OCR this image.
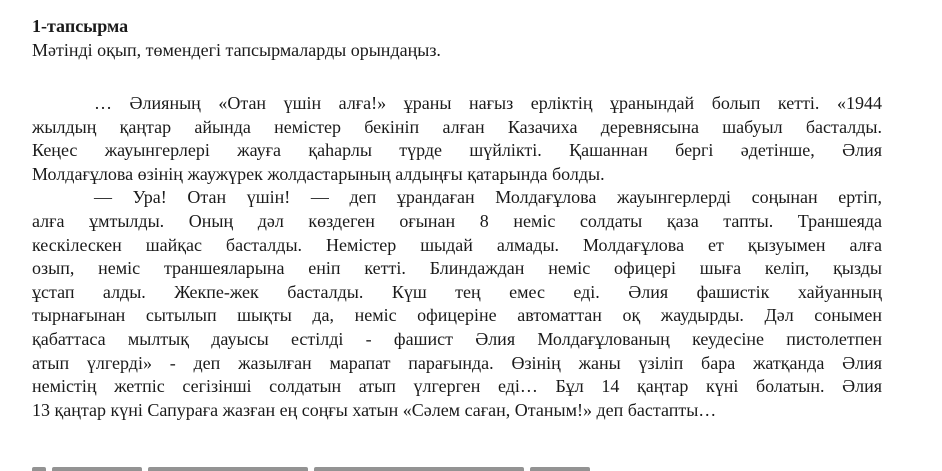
1-тапсырма
Мәтінді оқып, төмендегі тапсырмаларды орындаңыз.
… Әлияның «Отан үшін алға!» ұраны нағыз ерліктің ұранындай болып кетті. «1944
жылдың қаңтар айында немістер бекініп алған Казачиха деревнясына шабуыл басталды.
Кеңес жауынгерлері жауға қаһарлы түрде шүйлікті. Қашаннан бергі әдетінше, Әлия
Молдағұлова өзінің жаужүрек жолдастарының алдыңғы қатарында болды.
— Ура! Отан үшін! — деп ұрандаған Молдағұлова жауынгерлерді соңынан ертіп,
алға ұмтылды. Оның дәл көздеген оғынан 8 неміс солдаты қаза тапты. Траншеяда
кескілескен шайқас басталды. Немістер шыдай алмады. Молдағұлова ет қызуымен алға
озып, неміс траншеяларына еніп кетті. Блиндаждан неміс офицері шыға келіп, қызды
ұстап алды. Жекпе-жек басталды. Күш тең емес еді. Әлия фашистік хайуанның
тырнағынан сытылып шықты да, неміс офицеріне автоматтан оқ жаудырды. Дәл сонымен
қабаттаса мылтық дауысы естілді - фашист Әлия Молдағұлованың кеудесіне пистолетпен
атып үлгерді» - деп жазылған марапат парағында. Өзінің жаны үзіліп бара жатқанда Әлия
немістің жетпіс сегізінші солдатын атып үлгерген еді… Бұл 14 қаңтар күні болатын. Әлия
13 қаңтар күні Сапураға жазған ең соңғы хатын «Сәлем саған, Отаным!» деп бастапты…
